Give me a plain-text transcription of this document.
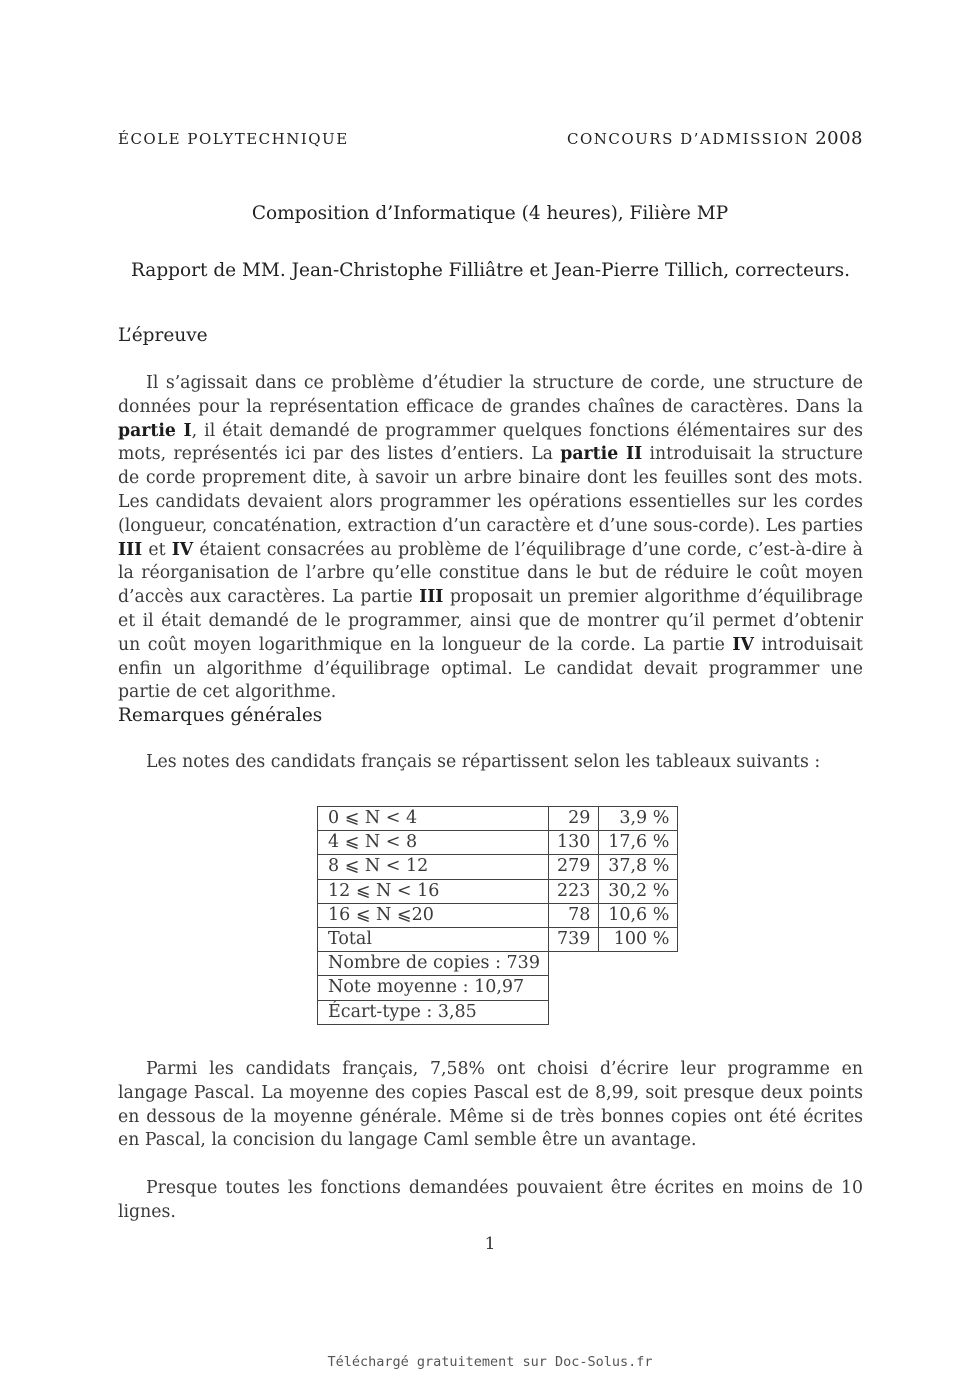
ÉCOLE POLYTECHNIQUE	CONCOURS D’ADMISSION 2008
Composition d’Informatique (4 heures), Filière MP
Rapport de MM. Jean-Christophe Filliâtre et Jean-Pierre Tillich, correcteurs.
L’épreuve
Il s’agissait dans ce problème d’étudier la structure de corde, une structure de données pour la représentation efficace de grandes chaînes de caractères. Dans la partie I, il était demandé de programmer quelques fonctions élémentaires sur des mots, représentés ici par des listes d’entiers. La partie II introduisait la structure de corde proprement dite, à savoir un arbre binaire dont les feuilles sont des mots. Les candidats devaient alors programmer les opérations essentielles sur les cordes (longueur, concaténation, extraction d’un caractère et d’une sous-corde). Les parties III et IV étaient consacrées au problème de l’équilibrage d’une corde, c’est-à-dire à la réorganisation de l’arbre qu’elle constitue dans le but de réduire le coût moyen d’accès aux caractères. La partie III proposait un premier algorithme d’équilibrage et il était demandé de le programmer, ainsi que de montrer qu’il permet d’obtenir un coût moyen logarithmique en la longueur de la corde. La partie IV introduisait enfin un algorithme d’équilibrage optimal. Le candidat devait programmer une partie de cet algorithme.
Remarques générales
Les notes des candidats français se répartissent selon les tableaux suivants :
0 ⩽ N < 4	29	3,9 %
4 ⩽ N < 8	130	17,6 %
8 ⩽ N < 12	279	37,8 %
12 ⩽ N < 16	223	30,2 %
16 ⩽ N ⩽20	78	10,6 %
Total	739	100 %
Nombre de copies : 739		
Note moyenne : 10,97		
Écart-type : 3,85		
Parmi les candidats français, 7,58% ont choisi d’écrire leur programme en langage Pascal. La moyenne des copies Pascal est de 8,99, soit presque deux points en dessous de la moyenne générale. Même si de très bonnes copies ont été écrites en Pascal, la concision du langage Caml semble être un avantage.
Presque toutes les fonctions demandées pouvaient être écrites en moins de 10 lignes.
1
Téléchargé gratuitement sur Doc-Solus.fr
